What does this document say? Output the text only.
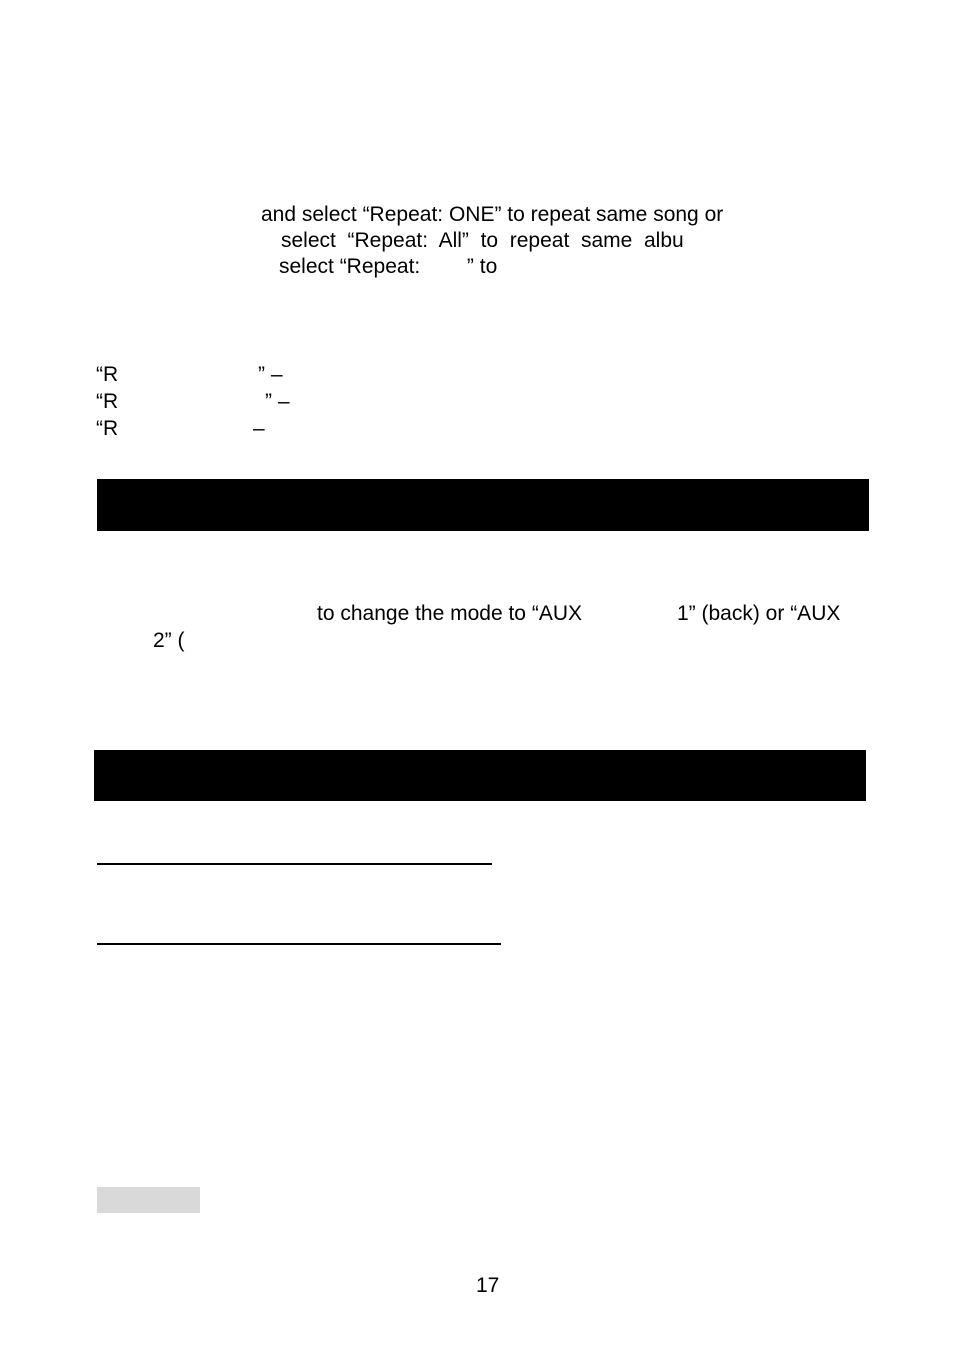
and select “Repeat: ONE” to repeat same song or
select  “Repeat:  All”  to  repeat  same  albu
select “Repeat:        ” to
“R	” –
“R	” –
“R	–
to change the mode to “AUX	1” (back) or “AUX
2” (
17
